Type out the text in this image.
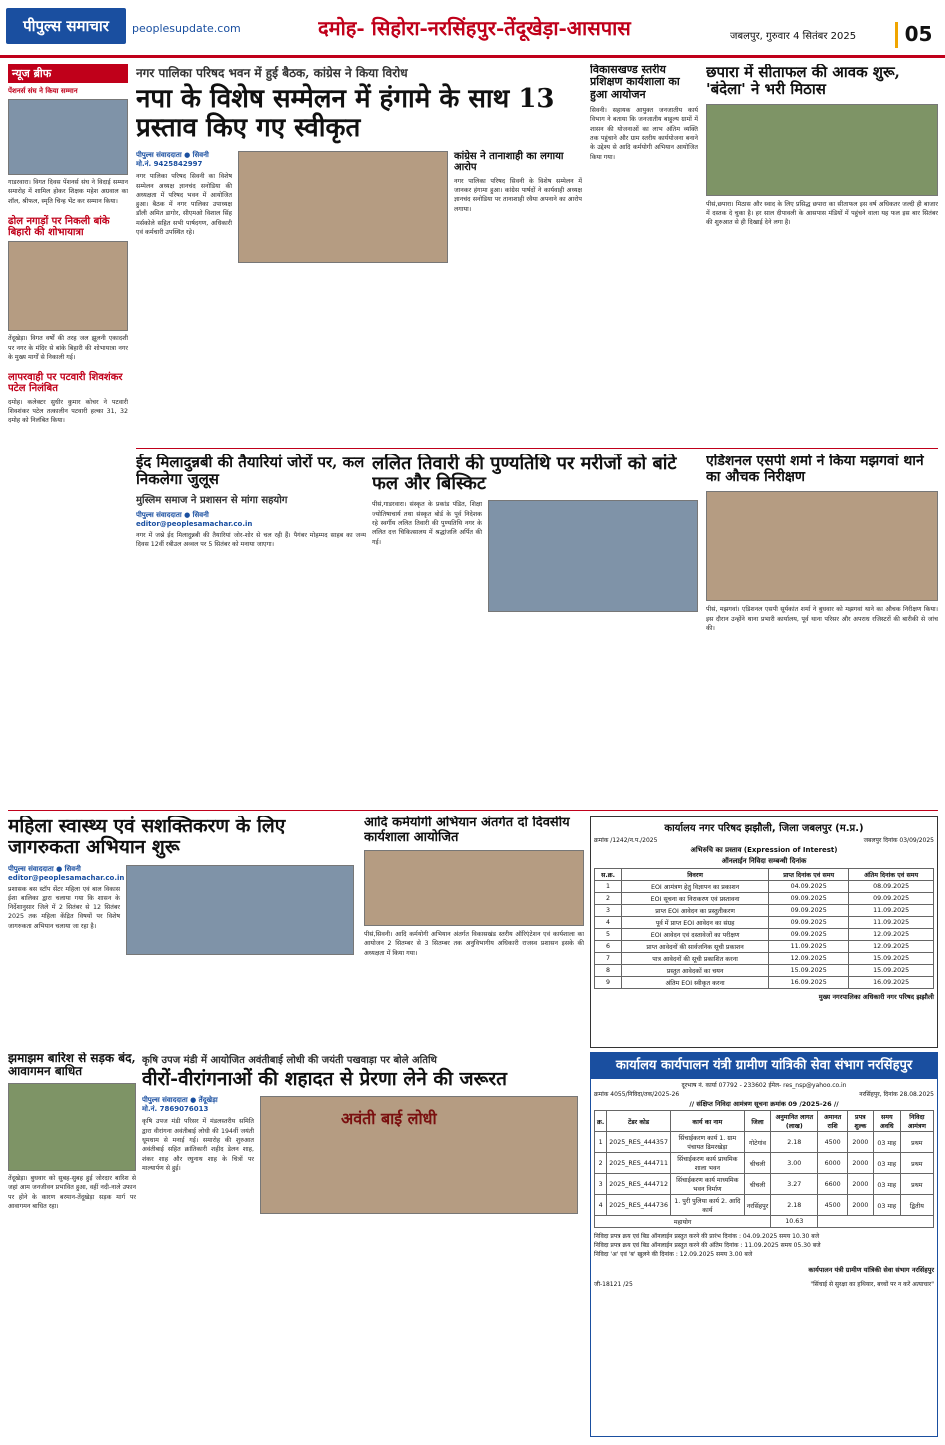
पीपुल्स समाचार	peoplesupdate.com	दमोह- सिहोरा-नरसिंहपुर-तेंदूखेड़ा-आसपास	जबलपुर, गुरुवार 4 सितंबर 2025	05
न्यूज ब्रीफ
पेंशनर्स संघ ने किया सम्मान
गाडरवारा। विगत दिवस पेंशनर्स संघ ने विदाई सम्मान समारोह में शामिल होकर शिक्षक महेश अग्रवाल का शॉल, श्रीफल, स्मृति चिन्ह भेंट कर सम्मान किया।
ढोल नगाड़ों पर निकली बांके बिहारी की शोभायात्रा
तेंदूखेड़ा। विगत वर्षों की तरह जल झूलनी एकादशी पर नगर के मंदिर से बांके बिहारी की शोभायात्रा नगर के मुख्य मार्गों से निकाली गई।
लापरवाही पर पटवारी शिवशंकर पटेल निलंबित
दमोह। कलेक्टर सुधीर कुमार कोचर ने पटवारी शिवशंकर पटेल तत्कालीन पटवारी हल्का 31, 32 दमोह को निलंबित किया।
नगर पालिका परिषद भवन में हुई बैठक, कांग्रेस ने किया विरोध
नपा के विशेष सम्मेलन में हंगामे के साथ 13 प्रस्ताव किए गए स्वीकृत
पीपुल्स संवाददाता ● सिवनी
मो.नं. 9425842997
नगर पालिका परिषद सिवनी का विशेष सम्मेलन अध्यक्ष ज्ञानचंद सनोडिया की अध्यक्षता में परिषद भवन में आयोजित हुआ। बैठक में नगर पालिका उपाध्यक्ष डॉली अमित डागोर, सीएमओ विशाल सिंह मर्सकोले सहित सभी पार्षदगण, अधिकारी एवं कर्मचारी उपस्थित रहे।
कांग्रेस ने तानाशाही का लगाया आरोप
नगर पालिका परिषद सिवनी के विशेष सम्मेलन में जानकर हंगामा हुआ। कांग्रेस पार्षदों ने कार्यवाही अध्यक्ष ज्ञानचंद सनोडिया पर तानाशाही रवैया अपनाने का आरोप लगाया।
विकासखण्ड स्तरीय प्रशिक्षण कार्यशाला का हुआ आयोजन
सिवनी। सहायक आयुक्त जनजातीय कार्य विभाग ने बताया कि जनजातीय बाहुल्य ग्रामों में शासन की योजनाओं का लाभ अंतिम व्यक्ति तक पहुंचाने और ग्राम स्तरीय कार्ययोजना बनाने के उद्देश्य से आदि कर्मयोगी अभियान आयोजित किया गया।
छपारा में सीताफल की आवक शुरू, 'बंदेला' ने भरी मिठास
पीसं,छपारा। मिठास और स्वाद के लिए प्रसिद्ध छपारा का सीताफल इस वर्ष अधिकतर जल्दी ही बाजार में दस्तक दे चुका है। हर साल दीपावली के आसपास मंडियों में पहुंचने वाला यह फल इस बार सितंबर की शुरुआत से ही दिखाई देने लगा है।
ईद मिलादुन्नबी की तैयारियां जोरों पर, कल निकलेगा जुलूस
मुस्लिम समाज ने प्रशासन से मांगा सहयोग
पीपुल्स संवाददाता ● सिवनी
editor@peoplesamachar.co.in
नगर में जश्ने ईद मिलादुन्नबी की तैयारियां जोर-शोर से चल रही हैं। पैगंबर मोहम्मद साहब का जन्म दिवस 12वीं रबीउल अव्वल पर 5 सितंबर को मनाया जाएगा।
ललित तिवारी की पुण्यतिथि पर मरीजों को बांटे फल और बिस्किट
पीसं,गाडरवारा। संस्कृत के प्रकांड पंडित, शिक्षा ज्योतिषाचार्य तथा संस्कृत बोर्ड के पूर्व निदेशक रहे स्वर्गीय ललित तिवारी की पुण्यतिथि नगर के ललित दत्त चिकित्सालय में श्रद्धांजलि अर्पित की गई।
एडिशनल एसपी शर्मा ने किया मझगवां थाने का औचक निरीक्षण
पीसं, मझगवां। एडिशनल एसपी सूर्यकांत शर्मा ने बुधवार को मझगवां थाने का औचक निरीक्षण किया। इस दौरान उन्होंने थाना प्रभारी कार्यालय, पूर्व थाना परिसर और अपराध रजिस्टरों की बारीकी से जांच की।
महिला स्वास्थ्य एवं सशक्तिकरण के लिए जागरुकता अभियान शुरू
पीपुल्स संवाददाता ● सिवनी
editor@peoplesamachar.co.in
प्रशासक बस स्टॉप सेंटर महिला एवं बाल विकास ईशा बालिका द्वारा चलाया गया कि शासन के निर्देशानुसार जिले में 2 सितंबर से 12 सितंबर 2025 तक महिला केंद्रित विषयों पर विशेष जागरुकता अभियान चलाया जा रहा है।
आदि कर्मयोगी अभियान अंतर्गत दो दिवसीय कार्यशाला आयोजित
पीसं,सिवनी। आदि कर्मयोगी अभियान अंतर्गत विकासखंड स्तरीय ऑरिएंटेशन एवं कार्यशाला का आयोजन 2 सितम्बर से 3 सितम्बर तक अनुविभागीय अधिकारी राजस्व प्रशासन इसके की अध्यक्षता में किया गया।
कार्यालय नगर परिषद झझौली, जिला जबलपुर (म.प्र.)
क्रमांक /1242/न.प./2025	जबलपुर दिनांक 03/09/2025
अभिरुचि का प्रस्ताव (Expression of Interest)
ऑनलाईन निविदा सम्बन्धी दिनांक
स.क्र.	विवरण	प्राप्त दिनांक एवं समय	अंतिम दिनांक एवं समय
1	EOI आमंत्रण हेतु विज्ञापन का प्रकाशन	04.09.2025	08.09.2025
2	EOI सूचना का निराकरण एवं प्रस्तावना	09.09.2025	09.09.2025
3	प्राप्त EOI आवेदन का प्रस्तुतीकरण	09.09.2025	11.09.2025
4	पूर्व में प्राप्त EOI आवेदन का संग्रह	09.09.2025	11.09.2025
5	EOI आवेदन एवं दस्तावेजों का परीक्षण	09.09.2025	12.09.2025
6	प्राप्त आवेदनों की सार्वजनिक सूची प्रकाशन	11.09.2025	12.09.2025
7	पात्र आवेदनों की सूची प्रकाशित करना	12.09.2025	15.09.2025
8	प्रस्तुत आवेदकों का चयन	15.09.2025	15.09.2025
9	अंतिम EOI स्वीकृत करना	16.09.2025	16.09.2025
मुख्य नगरपालिका अधिकारी नगर परिषद झझौली
झमाझम बारिश से सड़क बंद, आवागमन बाधित
तेंदूखेड़ा। बुधवार को सुबह-सुबह हुई जोरदार बारिश से जहां आम जनजीवन प्रभावित हुआ, वहीं नदी-नाले उफान पर होने के कारण बरमान-तेंदूखेड़ा सड़क मार्ग पर आवागमन बाधित रहा।
कृषि उपज मंडी में आयोजित अवंतीबाई लोधी की जयंती पखवाड़ा पर बोले अतिथि
वीरों-वीरांगनाओं की शहादत से प्रेरणा लेने की जरूरत
पीपुल्स संवाददाता ● तेंदूखेड़ा
मो.नं. 7869076013
कृषि उपज मंडी परिसर में मंडलस्तरीय समिति द्वारा वीरांगना अवंतीबाई लोधी की 194वीं जयंती धूमधाम से मनाई गई। समारोह की शुरुआत अवंतीबाई सहित क्रांतिकारी शहीद डेलन शाह, शंकर शाह और रघुनाथ शाह के चित्रों पर माल्यार्पण से हुई।
अवंती बाई लोधी
कार्यालय कार्यपालन यंत्री ग्रामीण यांत्रिकी सेवा संभाग नरसिंहपुर
दूरभाष नं. कार्या 07792 - 233602 ईमेल- res_nsp@yahoo.co.in
क्रमांक 4055/निविदा/तक/2025-26	नरसिंहपुर, दिनांक 28.08.2025
// संक्षिप्त निविदा आमंत्रण सूचना क्रमांक 09 /2025-26 //
क्र.	टेंडर कोड	कार्य का नाम	जिला	अनुमानित लागत (लाख)	अमानत राशि	प्रपत्र शुल्क	समय अवधि	निविदा आमंत्रण
1	2025_RES_444357	सिंचाईकरण कार्य 1. ग्राम पंचायत ढिमरखेड़ा	गोटेगांव	2.18	4500	2000	03 माह	प्रथम
2	2025_RES_444711	सिंचाईकरण कार्य प्राथमिक शाला भवन	चीचली	3.00	6000	2000	03 माह	प्रथम
3	2025_RES_444712	सिंचाईकरण कार्य माध्यमिक भवन निर्माण	चीचली	3.27	6600	2000	03 माह	प्रथम
4	2025_RES_444736	1. पुरी पुलिया कार्य 2. आदि कार्य	नरसिंहपुर	2.18	4500	2000	03 माह	द्वितीय
महायोग				10.63				
निविदा प्रपत्र क्रय एवं बिड ऑनलाईन प्रस्तुत करने की प्रारंभ दिनांक : 04.09.2025 समय 10.30 बजे
निविदा प्रपत्र क्रय एवं बिड ऑनलाईन प्रस्तुत करने की अंतिम दिनांक : 11.09.2025 समय 05.30 बजे
निविदा 'अ' एवं 'ब' खुलने की दिनांक : 12.09.2025 समय 3.00 बजे
कार्यपालन यंत्री ग्रामीण यांत्रिकी सेवा संभाग नरसिंहपुर
जी-18121 /25	"सिंचाई से सुरक्षा का हथियार, बच्चों पर न करें अत्याचार"
